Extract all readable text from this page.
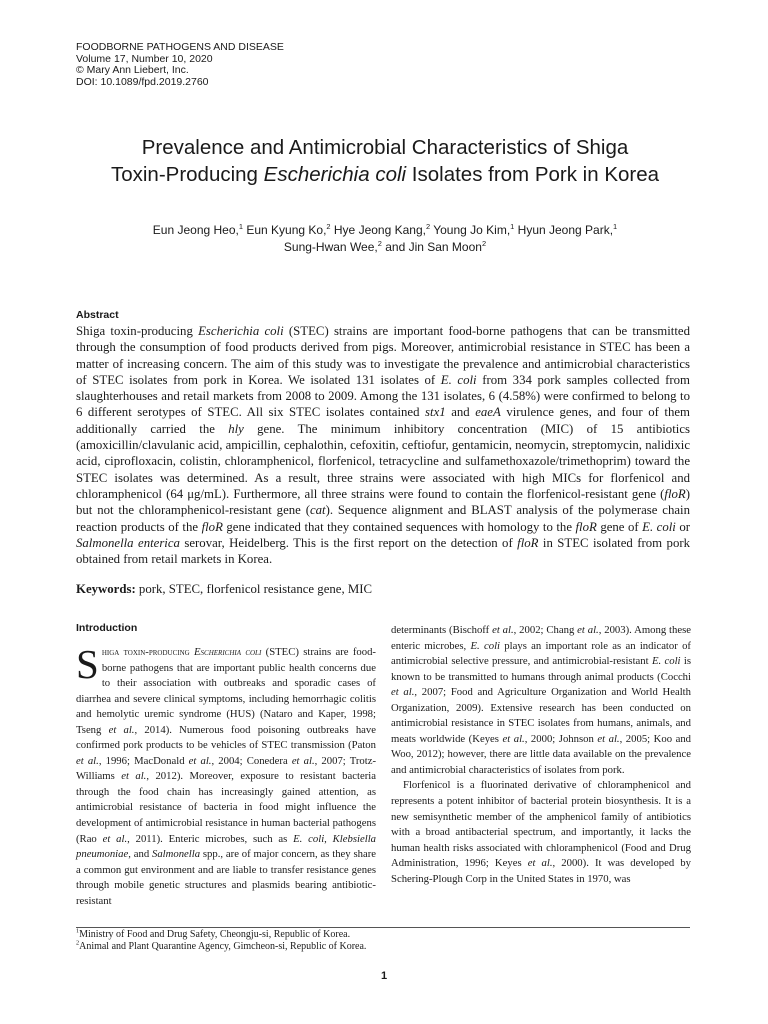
FOODBORNE PATHOGENS AND DISEASE
Volume 17, Number 10, 2020
© Mary Ann Liebert, Inc.
DOI: 10.1089/fpd.2019.2760
Prevalence and Antimicrobial Characteristics of Shiga
Toxin-Producing Escherichia coli Isolates from Pork in Korea
Eun Jeong Heo,$^1$ Eun Kyung Ko,$^2$ Hye Jeong Kang,$^2$ Young Jo Kim,$^1$ Hyun Jeong Park,$^1$
Sung-Hwan Wee,$^2$ and Jin San Moon$^2$
Abstract

Shiga toxin-producing Escherichia coli (STEC) strains are important food-borne pathogens that can be transmitted through the consumption of food products derived from pigs. Moreover, antimicrobial resistance in STEC has been a matter of increasing concern. The aim of this study was to investigate the prevalence and antimicrobial characteristics of STEC isolates from pork in Korea. We isolated 131 isolates of E. coli from 334 pork samples collected from slaughterhouses and retail markets from 2008 to 2009. Among the 131 isolates, 6 (4.58%) were confirmed to belong to 6 different serotypes of STEC. All six STEC isolates contained stx1 and eaeA virulence genes, and four of them additionally carried the hly gene. The minimum inhibitory concentration (MIC) of 15 antibiotics (amoxicillin/clavulanic acid, ampicillin, cephalothin, cefoxitin, ceftiofur, gentamicin, neomycin, streptomycin, nalidixic acid, ciprofloxacin, colistin, chloramphenicol, florfenicol, tetracycline and sulfamethoxazole/trimethoprim) toward the STEC isolates was determined. As a result, three strains were associated with high MICs for florfenicol and chloramphenicol (64 μg/mL). Furthermore, all three strains were found to contain the florfenicol-resistant gene (floR) but not the chloramphenicol-resistant gene (cat). Sequence alignment and BLAST analysis of the polymerase chain reaction products of the floR gene indicated that they contained sequences with homology to the floR gene of E. coli or Salmonella enterica serovar, Heidelberg. This is the first report on the detection of floR in STEC isolated from pork obtained from retail markets in Korea.

Keywords: pork, STEC, florfenicol resistance gene, MIC
Introduction

Shiga toxin-producing Escherichia coli (STEC) strains are food-borne pathogens that are important public health concerns due to their association with outbreaks and sporadic cases of diarrhea and severe clinical symptoms, including hemorrhagic colitis and hemolytic uremic syndrome (HUS) (Nataro and Kaper, 1998; Tseng et al., 2014). Numerous food poisoning outbreaks have confirmed pork products to be vehicles of STEC transmission (Paton et al., 1996; MacDonald et al., 2004; Conedera et al., 2007; Trotz-Williams et al., 2012). Moreover, exposure to resistant bacteria through the food chain has increasingly gained attention, as antimicrobial resistance of bacteria in food might influence the development of antimicrobial resistance in human bacterial pathogens (Rao et al., 2011). Enteric microbes, such as E. coli, Klebsiella pneumoniae, and Salmonella spp., are of major concern, as they share a common gut environment and are liable to transfer resistance genes through mobile genetic structures and plasmids bearing antibiotic-resistant

determinants (Bischoff et al., 2002; Chang et al., 2003). Among these enteric microbes, E. coli plays an important role as an indicator of antimicrobial selective pressure, and antimicrobial-resistant E. coli is known to be transmitted to humans through animal products (Cocchi et al., 2007; Food and Agriculture Organization and World Health Organization, 2009). Extensive research has been conducted on antimicrobial resistance in STEC isolates from humans, animals, and meats worldwide (Keyes et al., 2000; Johnson et al., 2005; Koo and Woo, 2012); however, there are little data available on the prevalence and antimicrobial characteristics of isolates from pork.

Florfenicol is a fluorinated derivative of chloramphenicol and represents a potent inhibitor of bacterial protein biosynthesis. It is a new semisynthetic member of the amphenicol family of antibiotics with a broad antibacterial spectrum, and importantly, it lacks the human health risks associated with chloramphenicol (Food and Drug Administration, 1996; Keyes et al., 2000). It was developed by Schering-Plough Corp in the United States in 1970, was

$^1$Ministry of Food and Drug Safety, Cheongju-si, Republic of Korea.
$^2$Animal and Plant Quarantine Agency, Gimcheon-si, Republic of Korea.
1
